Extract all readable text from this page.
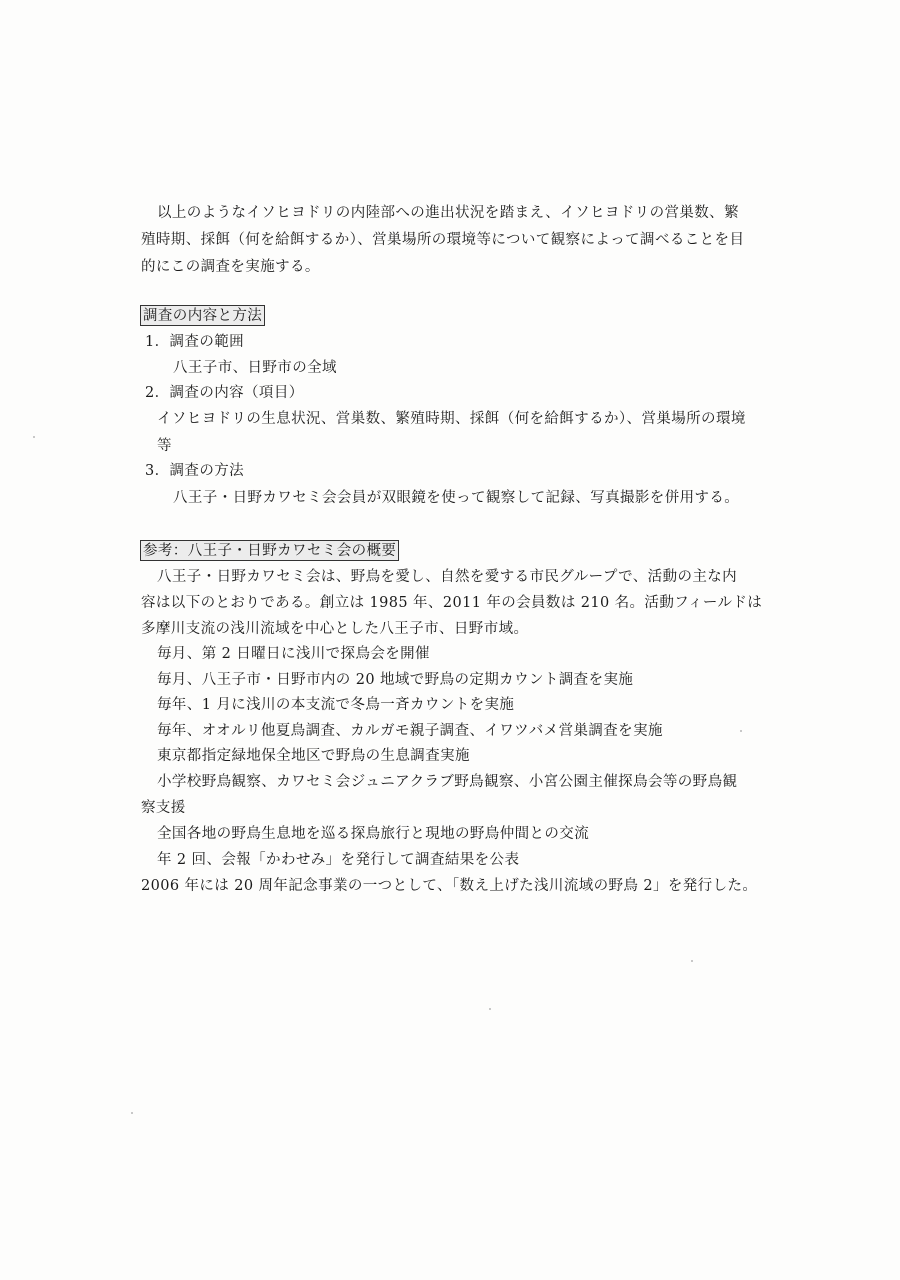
以上のようなイソヒヨドリの内陸部への進出状況を踏まえ、イソヒヨドリの営巣数、繁
殖時期、採餌（何を給餌するか）、営巣場所の環境等について観察によって調べることを目
的にこの調査を実施する。
調査の内容と方法
1．調査の範囲
八王子市、日野市の全域
2．調査の内容（項目）
イソヒヨドリの生息状況、営巣数、繁殖時期、採餌（何を給餌するか）、営巣場所の環境
等
3．調査の方法
八王子・日野カワセミ会会員が双眼鏡を使って観察して記録、写真撮影を併用する。
参考：八王子・日野カワセミ会の概要
八王子・日野カワセミ会は、野鳥を愛し、自然を愛する市民グループで、活動の主な内
容は以下のとおりである。創立は 1985 年、2011 年の会員数は 210 名。活動フィールドは
多摩川支流の浅川流域を中心とした八王子市、日野市域。
毎月、第 2 日曜日に浅川で探鳥会を開催
毎月、八王子市・日野市内の 20 地域で野鳥の定期カウント調査を実施
毎年、1 月に浅川の本支流で冬鳥一斉カウントを実施
毎年、オオルリ他夏鳥調査、カルガモ親子調査、イワツバメ営巣調査を実施
東京都指定緑地保全地区で野鳥の生息調査実施
小学校野鳥観察、カワセミ会ジュニアクラブ野鳥観察、小宮公園主催探鳥会等の野鳥観
察支援
全国各地の野鳥生息地を巡る探鳥旅行と現地の野鳥仲間との交流
年 2 回、会報「かわせみ」を発行して調査結果を公表
2006 年には 20 周年記念事業の一つとして、「数え上げた浅川流域の野鳥 2」を発行した。
